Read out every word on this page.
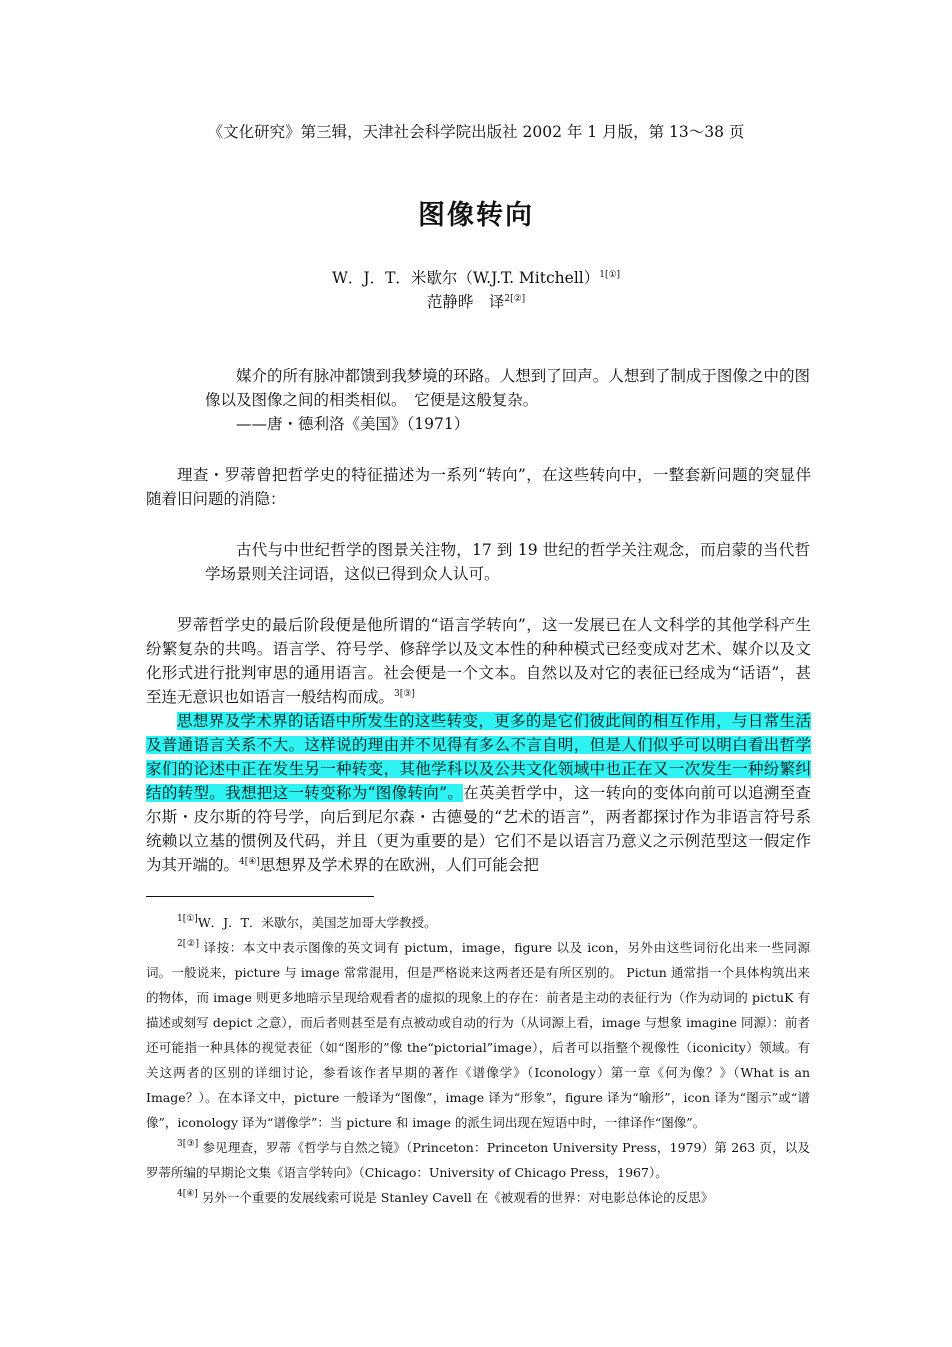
《文化研究》第三辑，天津社会科学院出版社 2002 年 1 月版，第 13～38 页
图像转向
W．J．T．米歇尔（W.J.T. Mitchell）$^{1[①]}$
范静晔　译$^{2[②]}$

媒介的所有脉冲都馈到我梦境的环路。人想到了回声。人想到了制成于图像之中的图像以及图像之间的相类相似。　它便是这般复杂。

——唐・德利洛《美国》（1971）

理查・罗蒂曾把哲学史的特征描述为一系列“转向”，在这些转向中，一整套新问题的突显伴随着旧问题的消隐：

古代与中世纪哲学的图景关注物，17 到 19 世纪的哲学关注观念，而启蒙的当代哲学场景则关注词语，这似已得到众人认可。

罗蒂哲学史的最后阶段便是他所谓的“语言学转向”，这一发展已在人文科学的其他学科产生纷繁复杂的共鸣。语言学、符号学、修辞学以及文本性的种种模式已经变成对艺术、媒介以及文化形式进行批判审思的通用语言。社会便是一个文本。自然以及对它的表征已经成为“话语”，甚至连无意识也如语言一般结构而成。$^{3[③]}$

思想界及学术界的话语中所发生的这些转变，更多的是它们彼此间的相互作用，与日常生活及普通语言关系不大。这样说的理由并不见得有多么不言自明，但是人们似乎可以明白看出哲学家们的论述中正在发生另一种转变，其他学科以及公共文化领域中也正在又一次发生一种纷繁纠结的转型。我想把这一转变称为“图像转向”。在英美哲学中，这一转向的变体向前可以追溯至查尔斯・皮尔斯的符号学，向后到尼尔森・古德曼的“艺术的语言”，两者都探讨作为非语言符号系统赖以立基的惯例及代码，并且（更为重要的是）它们不是以语言乃意义之示例范型这一假定作为其开端的。$^{4[④]}$思想界及学术界的在欧洲，人们可能会把

$^{1[①]}$W．J．T．米歇尔，美国芝加哥大学教授。

$^{2[②]}$ 译按：本文中表示图像的英文词有 pictum，image，figure 以及 icon，另外由这些词衍化出来一些同源词。一般说来，picture 与 image 常常混用，但是严格说来这两者还是有所区别的。 Pictun 通常指一个具体构筑出来的物体，而 image 则更多地暗示呈现给观看者的虚拟的现象上的存在：前者是主动的表征行为（作为动词的 pictuK 有描述或刻写 depict 之意），而后者则甚至是有点被动或自动的行为（从词源上看，image 与想象 imagine 同源）：前者还可能指一种具体的视觉表征（如“图形的”像 the“pictorial”image），后者可以指整个视像性（iconicity）领域。有关这两者的区别的详细讨论，参看该作者早期的著作《谱像学》（Iconology）第一章《何为像？》（What is an Image？）。在本译文中，picture 一般译为“图像”，image 译为“形象”，figure 译为“喻形”，icon 译为“图示”或“谱像”，iconology 译为“谱像学”：当 picture 和 image 的派生词出现在短语中时，一律译作“图像”。

$^{3[③]}$ 参见理查，罗蒂《哲学与自然之镜》（Princeton：Princeton University Press，1979）第 263 页，以及罗蒂所编的早期论文集《语言学转向》（Chicago：University of Chicago Press，1967）。

$^{4[④]}$ 另外一个重要的发展线索可说是 Stanley Cavell 在《被观看的世界：对电影总体论的反思》
